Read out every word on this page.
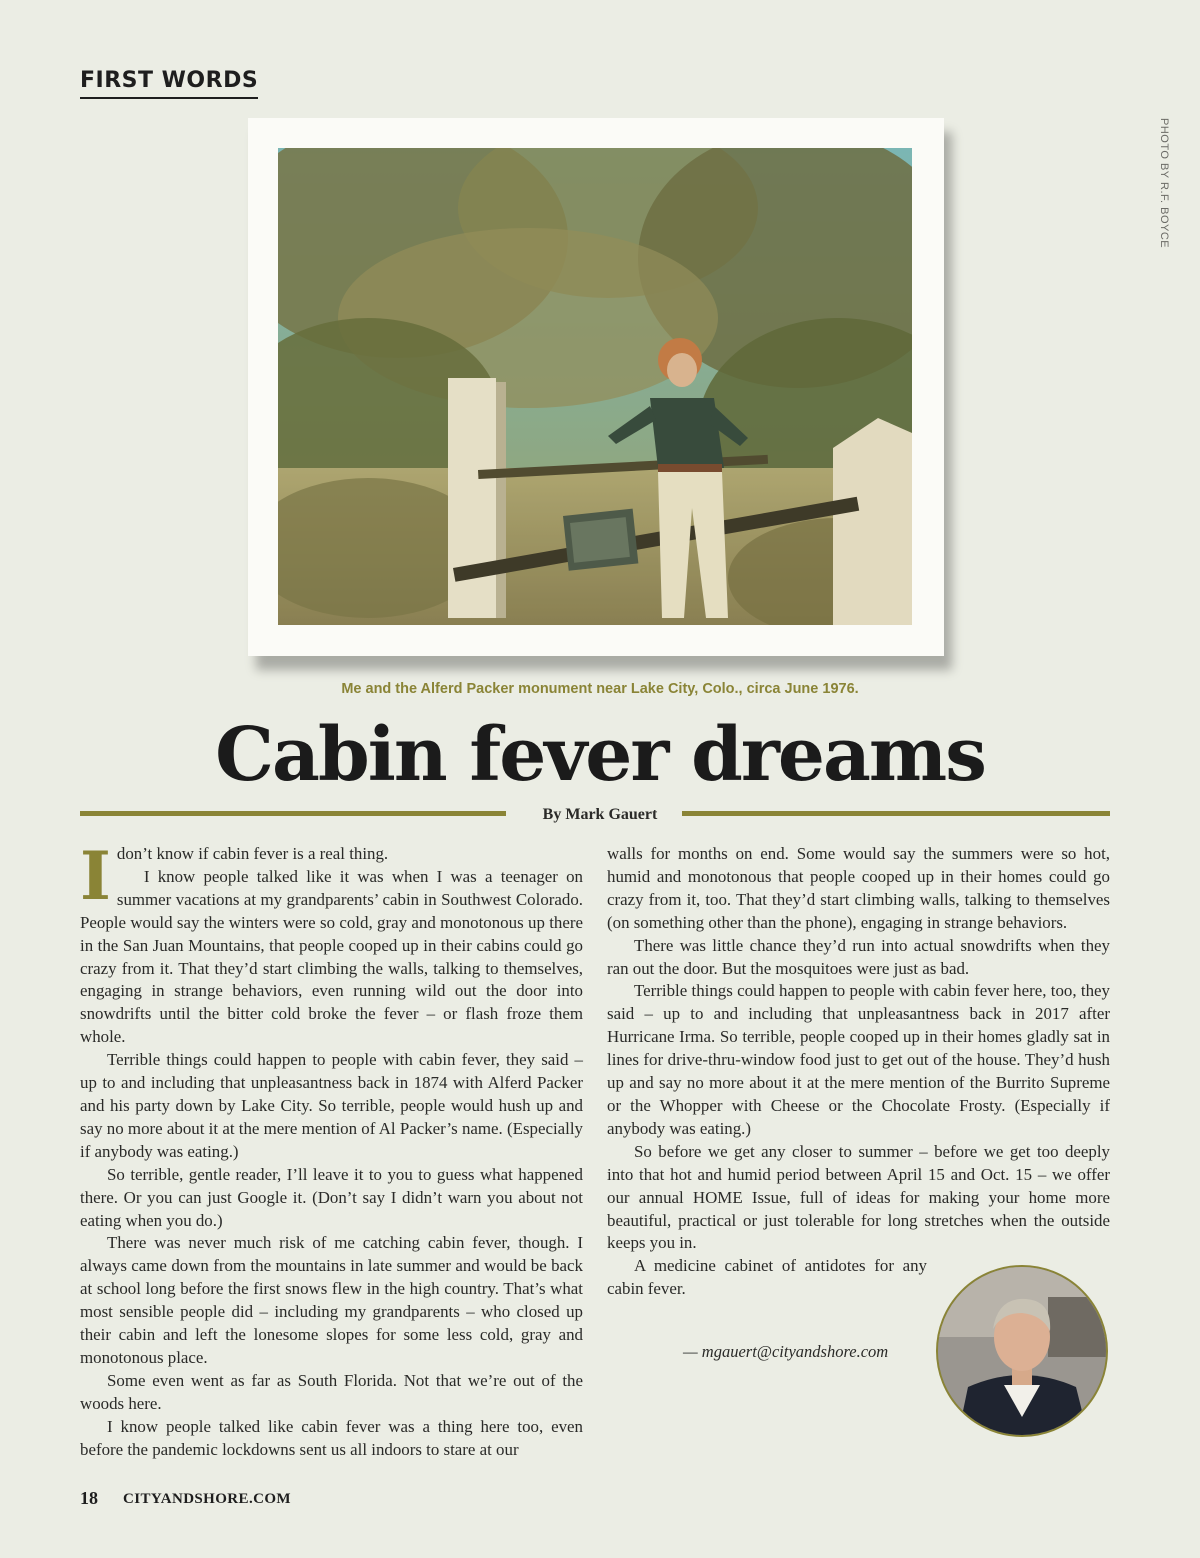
FIRST WORDS
PHOTO BY R.F. BOYCE
Me and the Alferd Packer monument near Lake City, Colo., circa June 1976.
Cabin fever dreams
By Mark Gauert

Idon’t know if cabin fever is a real thing.

I know people talked like it was when I was a teenager on summer vacations at my grandparents’ cabin in Southwest Colorado. People would say the winters were so cold, gray and monotonous up there in the San Juan Mountains, that people cooped up in their cabins could go crazy from it. That they’d start climbing the walls, talking to themselves, engaging in strange behaviors, even running wild out the door into snowdrifts until the bitter cold broke the fever – or flash froze them whole.

Terrible things could happen to people with cabin fever, they said – up to and including that unpleasantness back in 1874 with Alferd Packer and his party down by Lake City. So terrible, people would hush up and say no more about it at the mere mention of Al Packer’s name. (Especially if anybody was eating.)

So terrible, gentle reader, I’ll leave it to you to guess what happened there. Or you can just Google it. (Don’t say I didn’t warn you about not eating when you do.)

There was never much risk of me catching cabin fever, though. I always came down from the mountains in late summer and would be back at school long before the first snows flew in the high country. That’s what most sensible people did – including my grandparents – who closed up their cabin and left the lonesome slopes for some less cold, gray and monotonous place.

Some even went as far as South Florida. Not that we’re out of the woods here.

I know people talked like cabin fever was a thing here too, even before the pandemic lockdowns sent us all indoors to stare at our

walls for months on end. Some would say the summers were so hot, humid and monotonous that people cooped up in their homes could go crazy from it, too. That they’d start climbing walls, talking to themselves (on something other than the phone), engaging in strange behaviors.

There was little chance they’d run into actual snowdrifts when they ran out the door. But the mosquitoes were just as bad.

Terrible things could happen to people with cabin fever here, too, they said – up to and including that unpleasantness back in 2017 after Hurricane Irma. So terrible, people cooped up in their homes gladly sat in lines for drive-thru-window food just to get out of the house. They’d hush up and say no more about it at the mere mention of the Burrito Supreme or the Whopper with Cheese or the Chocolate Frosty. (Especially if anybody was eating.)

So before we get any closer to summer – before we get too deeply into that hot and humid period between April 15 and Oct. 15 – we offer our annual HOME Issue, full of ideas for making your home more beautiful, practical or just tolerable for long stretches when the outside keeps you in.

A medicine cabinet of antidotes for any cabin fever.

— mgauert@cityandshore.com
18 CITYANDSHORE.COM
